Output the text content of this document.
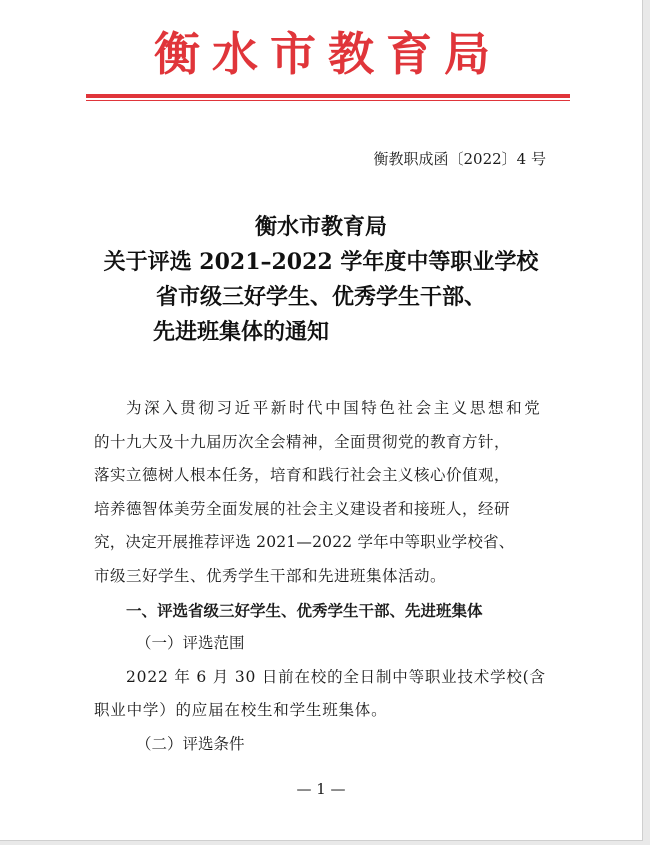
衡水市教育局
衡教职成函〔2022〕4 号
衡水市教育局
关于评选 2021–2022 学年度中等职业学校
省市级三好学生、优秀学生干部、
先进班集体的通知
为深入贯彻习近平新时代中国特色社会主义思想和党
的十九大及十九届历次全会精神，全面贯彻党的教育方针，
落实立德树人根本任务，培育和践行社会主义核心价值观，
培养德智体美劳全面发展的社会主义建设者和接班人，经研
究，决定开展推荐评选 2021—2022 学年中等职业学校省、
市级三好学生、优秀学生干部和先进班集体活动。
一、评选省级三好学生、优秀学生干部、先进班集体
（一）评选范围
2022 年 6 月 30 日前在校的全日制中等职业技术学校(含
职业中学）的应届在校生和学生班集体。
（二）评选条件
— 1 —
